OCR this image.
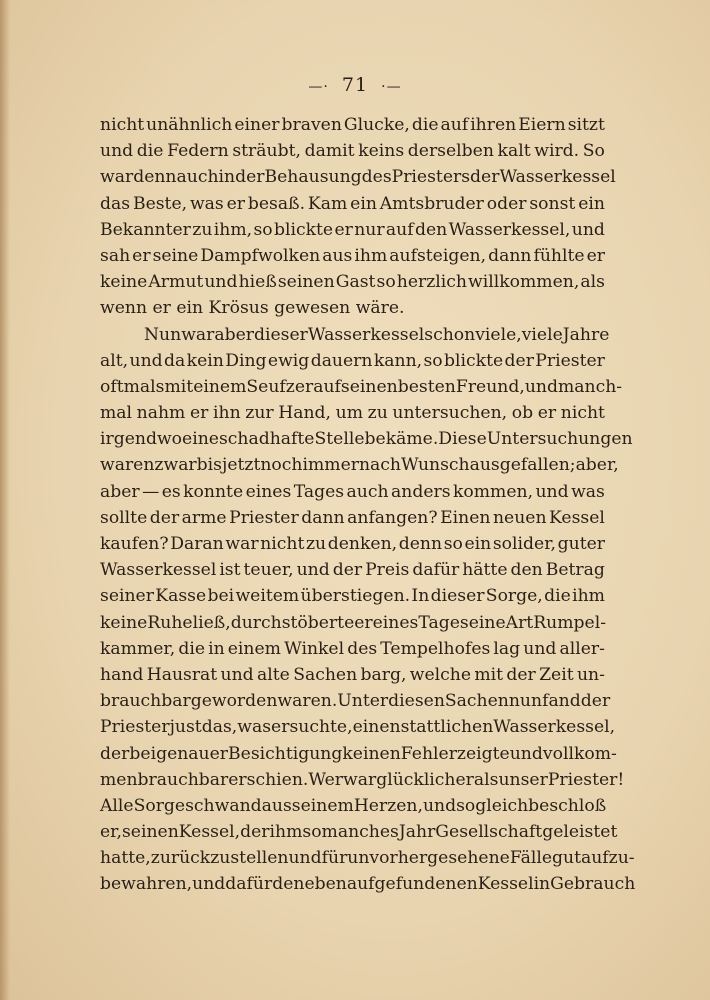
—· 71 ·—
nicht unähnlich einer braven Glucke, die auf ihren Eiern sitzt
und die Federn sträubt, damit keins derselben kalt wird. So
war denn auch in der Behausung des Priesters der Wasserkessel
das Beste, was er besaß. Kam ein Amtsbruder oder sonst ein
Bekannter zu ihm, so blickte er nur auf den Wasserkessel, und
sah er seine Dampfwolken aus ihm aufsteigen, dann fühlte er
keine Armut und hieß seinen Gast so herzlich willkommen, als
wenn er ein Krösus gewesen wäre.
Nun war aber dieser Wasserkessel schon viele, viele Jahre
alt, und da kein Ding ewig dauern kann, so blickte der Priester
oftmals mit einem Seufzer auf seinen besten Freund, und manch-
mal nahm er ihn zur Hand, um zu untersuchen, ob er nicht
irgendwo eine schadhafte Stelle bekäme. Diese Untersuchungen
waren zwar bis jetzt noch immer nach Wunsch ausgefallen; aber,
aber — es konnte eines Tages auch anders kommen, und was
sollte der arme Priester dann anfangen? Einen neuen Kessel
kaufen? Daran war nicht zu denken, denn so ein solider, guter
Wasserkessel ist teuer, und der Preis dafür hätte den Betrag
seiner Kasse bei weitem überstiegen. In dieser Sorge, die ihm
keine Ruhe ließ, durchstöberte er eines Tages eine Art Rumpel-
kammer, die in einem Winkel des Tempelhofes lag und aller-
hand Hausrat und alte Sachen barg, welche mit der Zeit un-
brauchbar geworden waren. Unter diesen Sachen nun fand der
Priester just das, was er suchte, einen stattlichen Wasserkessel,
der bei genauer Besichtigung keinen Fehler zeigte und vollkom-
men brauchbar erschien. Wer war glücklicher als unser Priester!
Alle Sorge schwand aus seinem Herzen, und sogleich beschloß
er, seinen Kessel, der ihm so manches Jahr Gesellschaft geleistet
hatte, zurückzustellen und für unvorhergesehene Fälle gut aufzu-
bewahren, und dafür den eben aufgefundenen Kessel in Gebrauch
